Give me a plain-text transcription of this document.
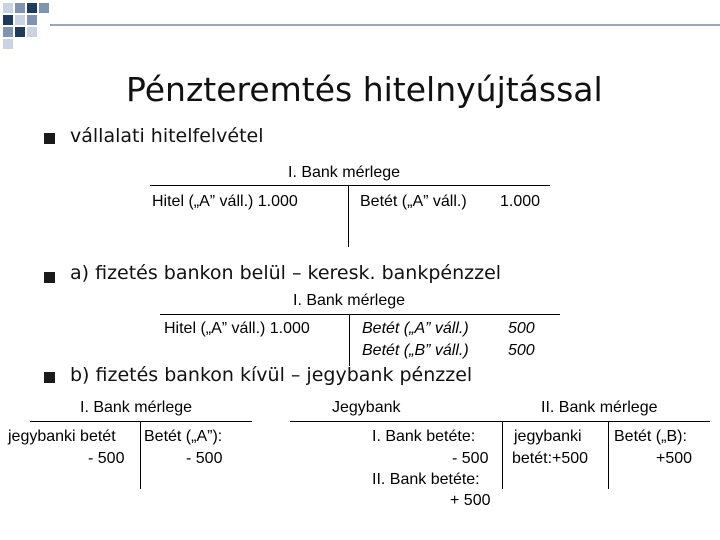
Pénzteremtés hitelnyújtással
vállalati hitelfelvétel
I. Bank mérlege
Hitel („A” váll.) 1.000	Betét („A” váll.) 1.000
a) fizetés bankon belül – keresk. bankpénzzel
I. Bank mérlege
Hitel („A” váll.) 1.000	Betét („A” váll.) 500
Betét („B” váll.) 500
b) fizetés bankon kívül – jegybank pénzzel
I. Bank mérlege
jegybanki betét
- 500
Betét („A”):
- 500
Jegybank
I. Bank betéte:
- 500
II. Bank betéte:
+ 500
II. Bank mérlege
jegybanki
betét:+500
Betét („B):
+500
